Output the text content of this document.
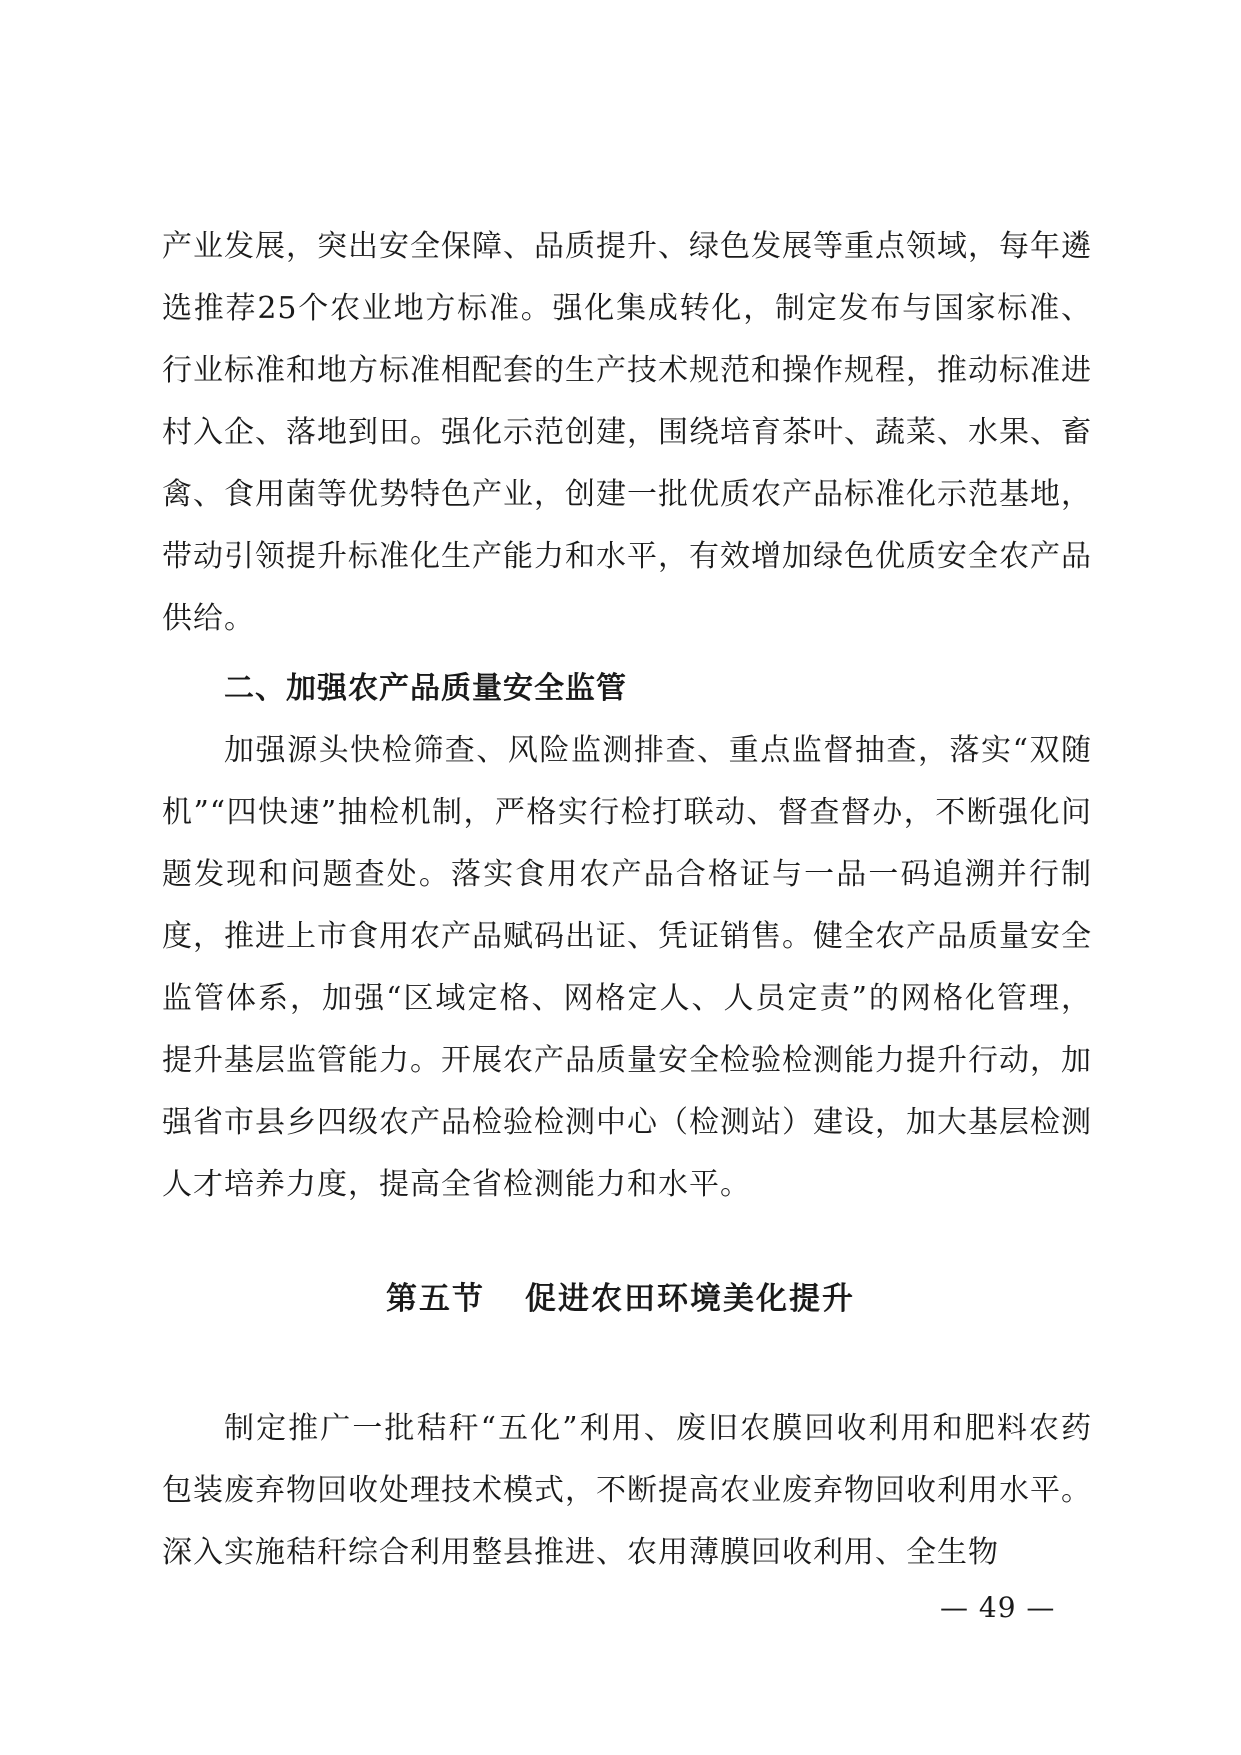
产业发展，突出安全保障、品质提升、绿色发展等重点领域，每年遴选推荐25个农业地方标准。强化集成转化，制定发布与国家标准、行业标准和地方标准相配套的生产技术规范和操作规程，推动标准进村入企、落地到田。强化示范创建，围绕培育茶叶、蔬菜、水果、畜禽、食用菌等优势特色产业，创建一批优质农产品标准化示范基地，带动引领提升标准化生产能力和水平，有效增加绿色优质安全农产品供给。

二、加强农产品质量安全监管

加强源头快检筛查、风险监测排查、重点监督抽查，落实“双随机”“四快速”抽检机制，严格实行检打联动、督查督办，不断强化问题发现和问题查处。落实食用农产品合格证与一品一码追溯并行制度，推进上市食用农产品赋码出证、凭证销售。健全农产品质量安全监管体系，加强“区域定格、网格定人、人员定责”的网格化管理，提升基层监管能力。开展农产品质量安全检验检测能力提升行动，加强省市县乡四级农产品检验检测中心（检测站）建设，加大基层检测人才培养力度，提高全省检测能力和水平。

第五节 促进农田环境美化提升

制定推广一批秸秆“五化”利用、废旧农膜回收利用和肥料农药包装废弃物回收处理技术模式，不断提高农业废弃物回收利用水平。深入实施秸秆综合利用整县推进、农用薄膜回收利用、全生物

— 49 —
